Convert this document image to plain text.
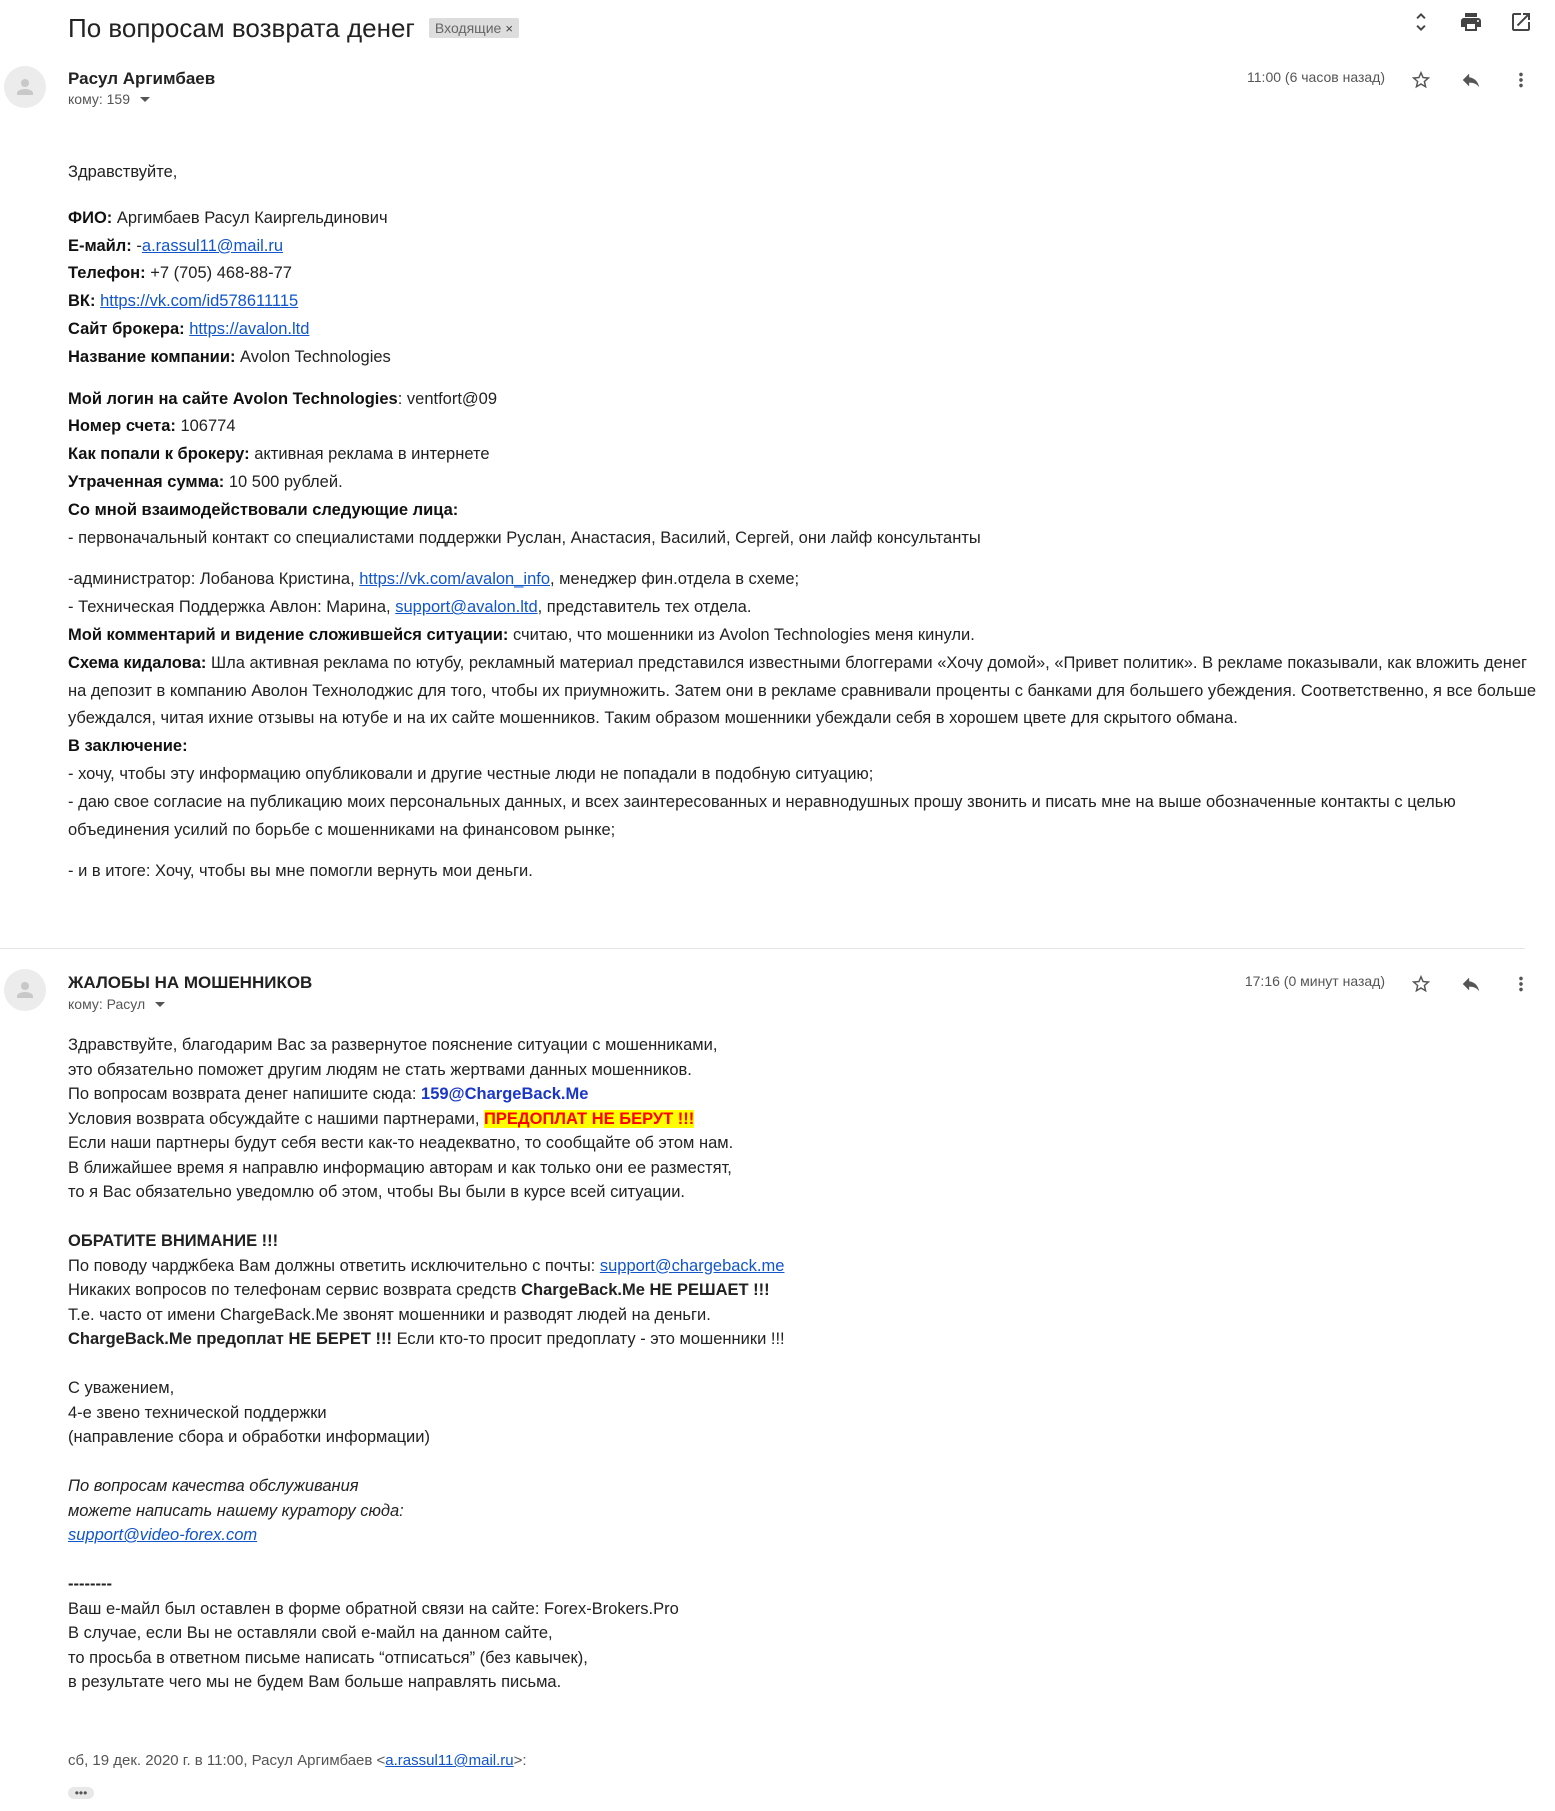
По вопросам возврата денег Входящие ×
Расул Аргимбаев
кому: 159
11:00 (6 часов назад)

Здравствуйте,

ФИО: Аргимбаев Расул Каиргельдинович

Е-майл: -a.rassul11@mail.ru

Телефон: +7 (705) 468-88-77

ВК: https://vk.com/id578611115

Сайт брокера: https://avalon.ltd

Название компании: Avolon Technologies

Мой логин на сайте Avolon Technologies: ventfort@09

Номер счета: 106774

Как попали к брокеру: активная реклама в интернете

Утраченная сумма: 10 500 рублей.

Со мной взаимодействовали следующие лица:

- первоначальный контакт со специалистами поддержки Руслан, Анастасия, Василий, Сергей, они лайф консультанты

-администратор: Лобанова Кристина, https://vk.com/avalon_info, менеджер фин.отдела в схеме;

- Техническая Поддержка Авлон: Марина, support@avalon.ltd, представитель тех отдела.

Мой комментарий и видение сложившейся ситуации: считаю, что мошенники из Avolon Technologies меня кинули.

Схема кидалова: Шла активная реклама по ютубу, рекламный материал представился известными блоггерами «Хочу домой», «Привет политик». В рекламе показывали, как вложить денег на депозит в компанию Аволон Технолоджис для того, чтобы их приумножить. Затем они в рекламе сравнивали проценты с банками для большего убеждения. Соответственно, я все больше убеждался, читая ихние отзывы на ютубе и на их сайте мошенников. Таким образом мошенники убеждали себя в хорошем цвете для скрытого обмана.

В заключение:

- хочу, чтобы эту информацию опубликовали и другие честные люди не попадали в подобную ситуацию;

- даю свое согласие на публикацию моих персональных данных, и всех заинтересованных и неравнодушных прошу звонить и писать мне на выше обозначенные контакты с целью объединения усилий по борьбе с мошенниками на финансовом рынке;

- и в итоге: Хочу, чтобы вы мне помогли вернуть мои деньги.

ЖАЛОБЫ НА МОШЕННИКОВ
кому: Расул
17:16 (0 минут назад)

Здравствуйте, благодарим Вас за развернутое пояснение ситуации с мошенниками,

это обязательно поможет другим людям не стать жертвами данных мошенников.

По вопросам возврата денег напишите сюда: 159@ChargeBack.Me

Условия возврата обсуждайте с нашими партнерами, ПРЕДОПЛАТ НЕ БЕРУТ !!!

Если наши партнеры будут себя вести как-то неадекватно, то сообщайте об этом нам.

В ближайшее время я направлю информацию авторам и как только они ее разместят,

то я Вас обязательно уведомлю об этом, чтобы Вы были в курсе всей ситуации.

ОБРАТИТЕ ВНИМАНИЕ !!!

По поводу чарджбека Вам должны ответить исключительно с почты: support@chargeback.me

Никаких вопросов по телефонам сервис возврата средств ChargeBack.Me НЕ РЕШАЕТ !!!

Т.е. часто от имени ChargeBack.Me звонят мошенники и разводят людей на деньги.

ChargeBack.Me предоплат НЕ БЕРЕТ !!! Если кто-то просит предоплату - это мошенники !!!

С уважением,

4-е звено технической поддержки

(направление сбора и обработки информации)

По вопросам качества обслуживания

можете написать нашему куратору сюда:

support@video-forex.com

--------

Ваш е-майл был оставлен в форме обратной связи на сайте: Forex-Brokers.Pro

В случае, если Вы не оставляли свой е-майл на данном сайте,

то просьба в ответном письме написать “отписаться” (без кавычек),

в результате чего мы не будем Вам больше направлять письма.

сб, 19 дек. 2020 г. в 11:00, Расул Аргимбаев <a.rassul11@mail.ru>:
•••
